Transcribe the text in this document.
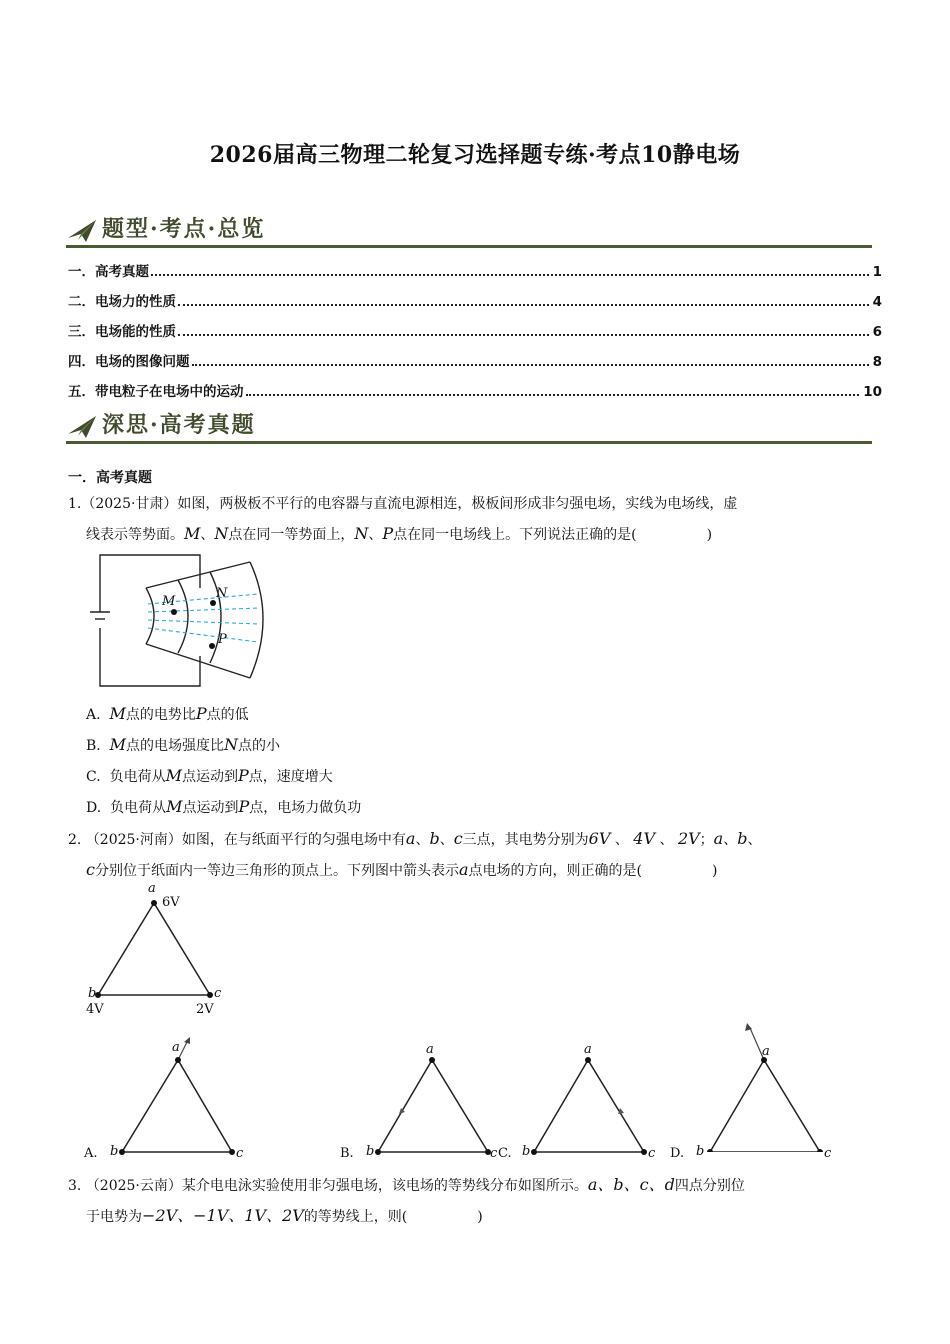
2026届高三物理二轮复习选择题专练·考点10静电场
题型·考点·总览
一．高考真题	1
二．电场力的性质	4
三．电场能的性质	6
四．电场的图像问题	8
五．带电粒子在电场中的运动	10
深思·高考真题
一．高考真题
1.（2025·甘肃）如图，两极板不平行的电容器与直流电源相连，极板间形成非匀强电场，实线为电场线，虚
线表示等势面。M、N点在同一等势面上，N、P点在同一电场线上。下列说法正确的是(	)
M
N
P
A. M点的电势比P点的低
B. M点的电场强度比N点的小
C. 负电荷从M点运动到P点，速度增大
D. 负电荷从M点运动到P点，电场力做负功
2. （2025·河南）如图，在与纸面平行的匀强电场中有a、b、c三点，其电势分别为6V 、 4V 、 2V；a、b、
c分别位于纸面内一等边三角形的顶点上。下列图中箭头表示a点电场的方向，则正确的是(	)
a
6V
b
4V
c
2V
A.
a
b	c	B.
a
b	c C.
a
b	c D.
a
b	c
3. （2025·云南）某介电电泳实验使用非匀强电场，该电场的等势线分布如图所示。a、b、c、d四点分别位
于电势为−2V、−1V、1V、2V的等势线上，则(	)
